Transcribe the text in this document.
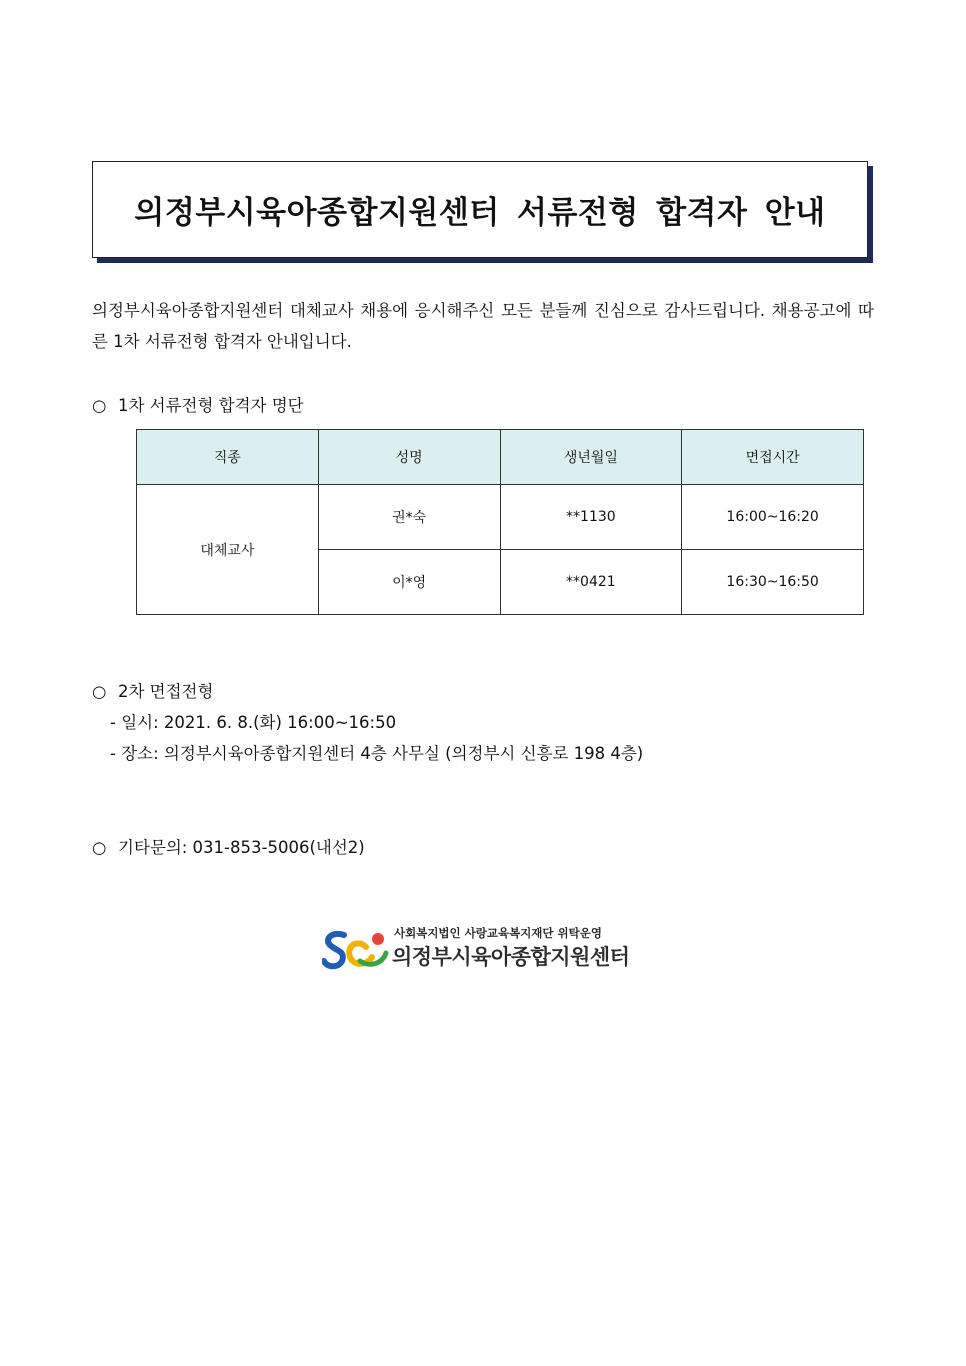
의정부시육아종합지원센터 서류전형 합격자 안내

의정부시육아종합지원센터 대체교사 채용에 응시해주신 모든 분들께 진심으로 감사드립니다. 채용공고에 따른 1차 서류전형 합격자 안내입니다.

○ 1차 서류전형 합격자 명단
직종	성명	생년월일	면접시간
대체교사	권*숙	**1130	16:00~16:20
	이*영	**0421	16:30~16:50
○ 2차 면접전형
- 일시: 2021. 6. 8.(화) 16:00~16:50
- 장소: 의정부시육아종합지원센터 4층 사무실 (의정부시 신흥로 198 4층)
○ 기타문의: 031-853-5006(내선2)
사회복지법인 사랑교육복지재단 위탁운영
의정부시육아종합지원센터
